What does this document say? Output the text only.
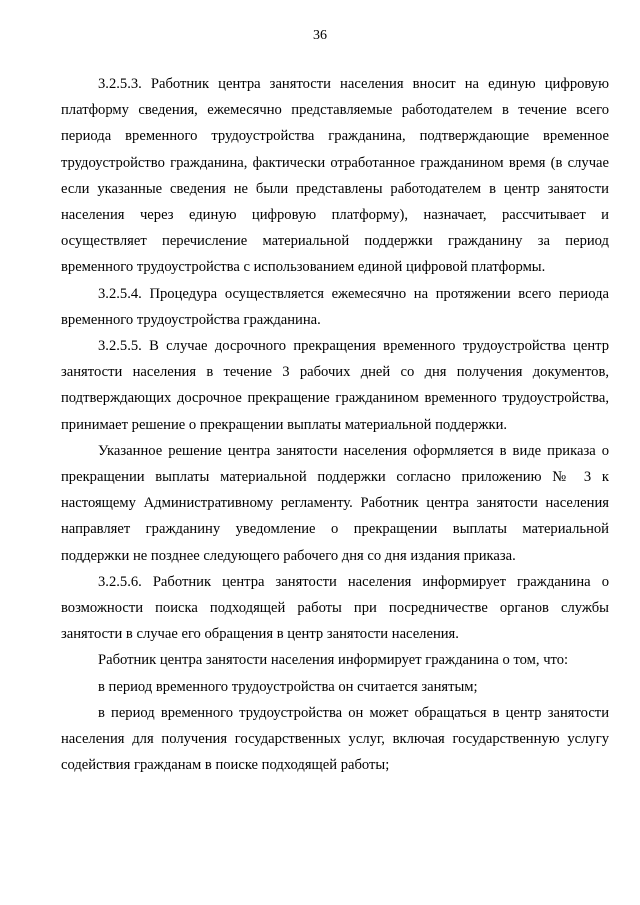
36

3.2.5.3. Работник центра занятости населения вносит на единую цифровую платформу сведения, ежемесячно представляемые работодателем в течение всего периода временного трудоустройства гражданина, подтверждающие временное трудоустройство гражданина, фактически отработанное гражданином время (в случае если указанные сведения не были представлены работодателем в центр занятости населения через единую цифровую платформу), назначает, рассчитывает и осуществляет перечисление материальной поддержки гражданину за период временного трудоустройства с использованием единой цифровой платформы.

3.2.5.4. Процедура осуществляется ежемесячно на протяжении всего периода временного трудоустройства гражданина.

3.2.5.5. В случае досрочного прекращения временного трудоустройства центр занятости населения в течение 3 рабочих дней со дня получения документов, подтверждающих досрочное прекращение гражданином временного трудоустройства, принимает решение о прекращении выплаты материальной поддержки.

Указанное решение центра занятости населения оформляется в виде приказа о прекращении выплаты материальной поддержки согласно приложению № 3 к настоящему Административному регламенту. Работник центра занятости населения направляет гражданину уведомление о прекращении выплаты материальной поддержки не позднее следующего рабочего дня со дня издания приказа.

3.2.5.6. Работник центра занятости населения информирует гражданина о возможности поиска подходящей работы при посредничестве органов службы занятости в случае его обращения в центр занятости населения.

Работник центра занятости населения информирует гражданина о том, что:

в период временного трудоустройства он считается занятым;

в период временного трудоустройства он может обращаться в центр занятости населения для получения государственных услуг, включая государственную услугу содействия гражданам в поиске подходящей работы;
